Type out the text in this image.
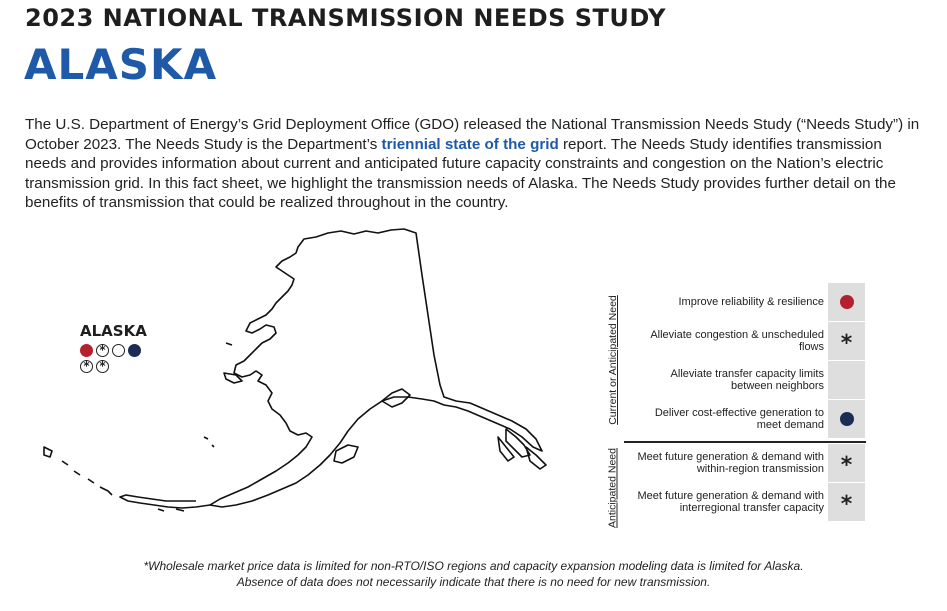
2023 NATIONAL TRANSMISSION NEEDS STUDY
ALASKA

The U.S. Department of Energy’s Grid Deployment Office (GDO) released the National Transmission Needs Study (“Needs Study”) in October 2023. The Needs Study is the Department’s triennial state of the grid report. The Needs Study identifies transmission needs and provides information about current and anticipated future capacity constraints and congestion on the Nation’s electric transmission grid. In this fact sheet, we highlight the transmission needs of Alaska. The Needs Study provides further detail on the benefits of transmission that could be realized throughout in the country.

ALASKA * * *	Current or Anticipated Need
Anticipated Need
Improve reliability & resilience
Alleviate congestion & unscheduled flows *
Alleviate transfer capacity limits between neighbors
Deliver cost-effective generation to meet demand
Meet future generation & demand with within-region transmission *
Meet future generation & demand with interregional transfer capacity *

*Wholesale market price data is limited for non-RTO/ISO regions and capacity expansion modeling data is limited for Alaska.
Absence of data does not necessarily indicate that there is no need for new transmission.
